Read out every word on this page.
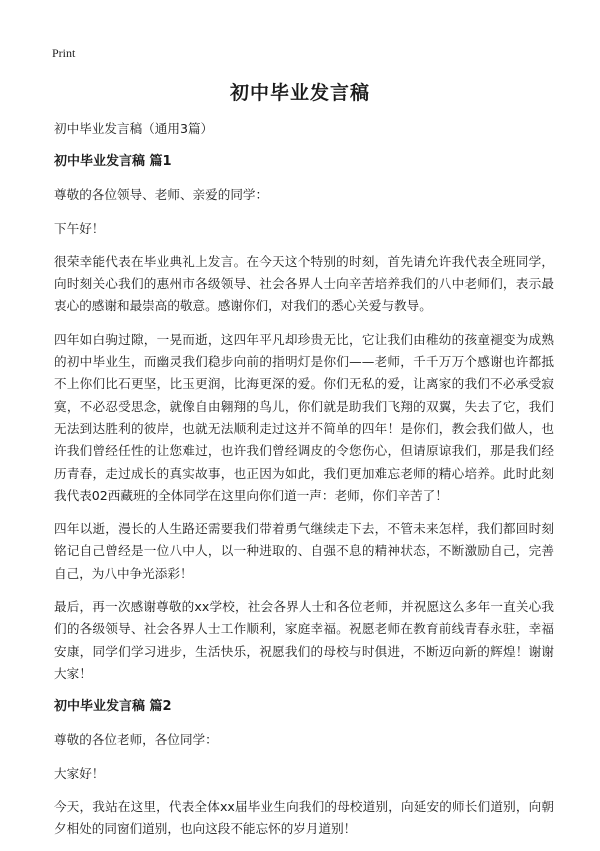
Print
初中毕业发言稿

初中毕业发言稿（通用3篇）

初中毕业发言稿 篇1

尊敬的各位领导、老师、亲爱的同学：

下午好！

很荣幸能代表在毕业典礼上发言。在今天这个特别的时刻，首先请允许我代表全班同学，向时刻关心我们的惠州市各级领导、社会各界人士向辛苦培养我们的八中老师们，表示最衷心的感谢和最崇高的敬意。感谢你们，对我们的悉心关爱与教导。

四年如白驹过隙，一晃而逝，这四年平凡却珍贵无比，它让我们由稚幼的孩童褪变为成熟的初中毕业生，而幽灵我们稳步向前的指明灯是你们——老师，千千万万个感谢也许都抵不上你们比石更坚，比玉更润，比海更深的爱。你们无私的爱，让离家的我们不必承受寂寞，不必忍受思念，就像自由翱翔的鸟儿，你们就是助我们飞翔的双翼，失去了它，我们无法到达胜利的彼岸，也就无法顺利走过这并不简单的四年！是你们，教会我们做人，也许我们曾经任性的让您难过，也许我们曾经调皮的令您伤心，但请原谅我们，那是我们经历青春，走过成长的真实故事，也正因为如此，我们更加难忘老师的精心培养。此时此刻我代表02西藏班的全体同学在这里向你们道一声：老师，你们辛苦了！

四年以逝，漫长的人生路还需要我们带着勇气继续走下去，不管未来怎样，我们都回时刻铭记自己曾经是一位八中人，以一种进取的、自强不息的精神状态，不断激励自己，完善自己，为八中争光添彩！

最后，再一次感谢尊敬的xx学校，社会各界人士和各位老师，并祝愿这么多年一直关心我们的各级领导、社会各界人士工作顺利，家庭幸福。祝愿老师在教育前线青春永驻，幸福安康，同学们学习进步，生活快乐，祝愿我们的母校与时俱进，不断迈向新的辉煌！谢谢大家！

初中毕业发言稿 篇2

尊敬的各位老师，各位同学：

大家好！

今天，我站在这里，代表全体xx届毕业生向我们的母校道别，向延安的师长们道别，向朝夕相处的同窗们道别，也向这段不能忘怀的岁月道别！
